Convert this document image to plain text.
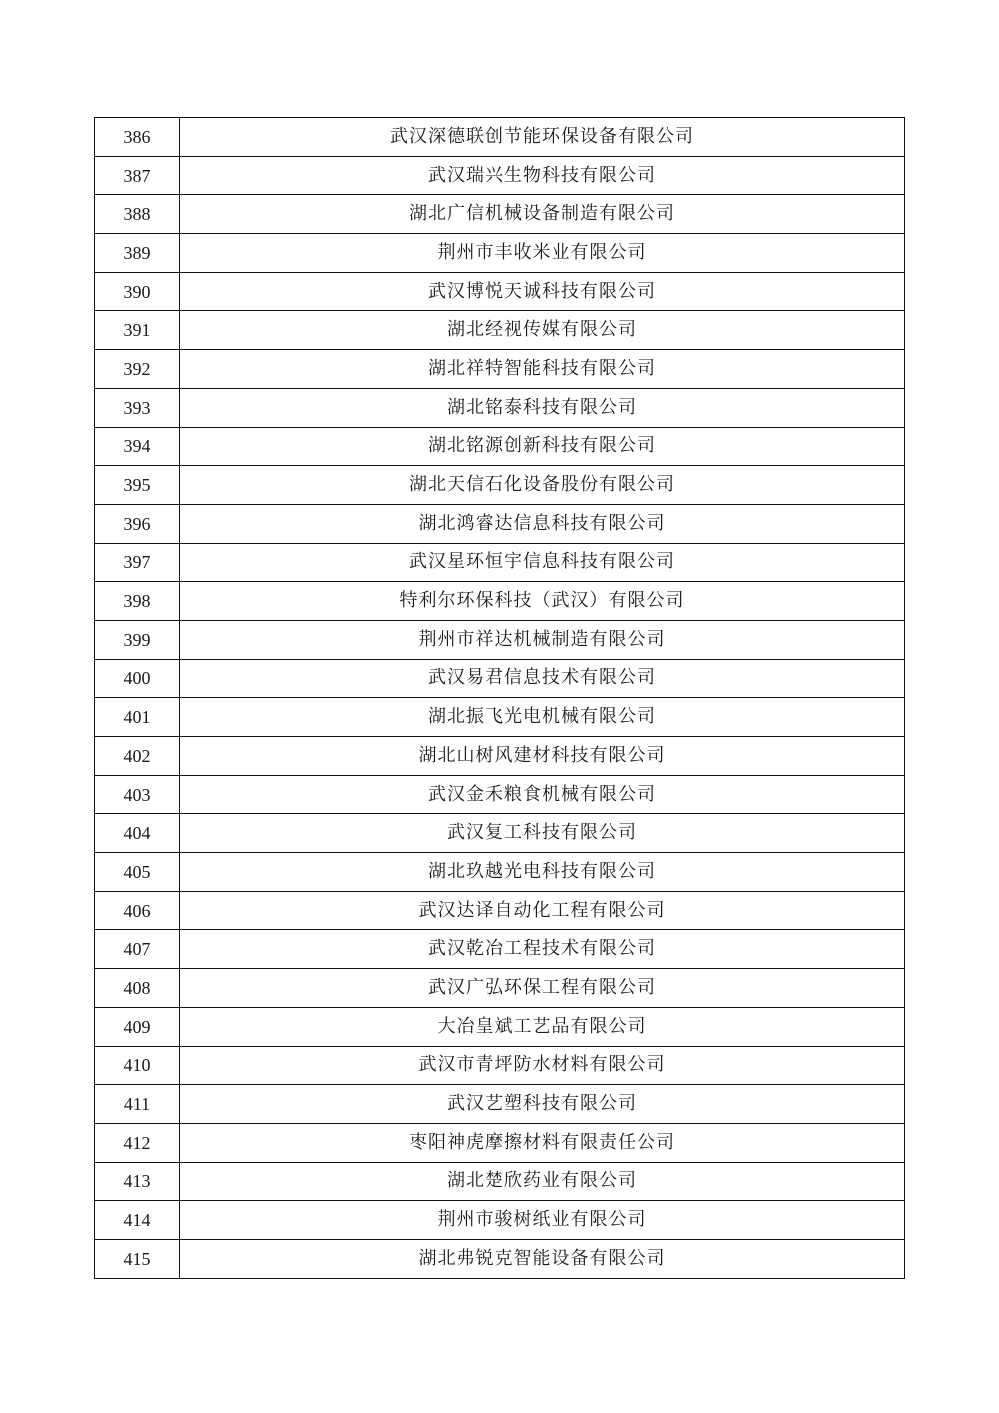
386	武汉深德联创节能环保设备有限公司
387	武汉瑞兴生物科技有限公司
388	湖北广信机械设备制造有限公司
389	荆州市丰收米业有限公司
390	武汉博悦天诚科技有限公司
391	湖北经视传媒有限公司
392	湖北祥特智能科技有限公司
393	湖北铭泰科技有限公司
394	湖北铭源创新科技有限公司
395	湖北天信石化设备股份有限公司
396	湖北鸿睿达信息科技有限公司
397	武汉星环恒宇信息科技有限公司
398	特利尔环保科技（武汉）有限公司
399	荆州市祥达机械制造有限公司
400	武汉易君信息技术有限公司
401	湖北振飞光电机械有限公司
402	湖北山树风建材科技有限公司
403	武汉金禾粮食机械有限公司
404	武汉复工科技有限公司
405	湖北玖越光电科技有限公司
406	武汉达译自动化工程有限公司
407	武汉乾冶工程技术有限公司
408	武汉广弘环保工程有限公司
409	大冶皇斌工艺品有限公司
410	武汉市青坪防水材料有限公司
411	武汉艺塑科技有限公司
412	枣阳神虎摩擦材料有限责任公司
413	湖北楚欣药业有限公司
414	荆州市骏树纸业有限公司
415	湖北弗锐克智能设备有限公司
